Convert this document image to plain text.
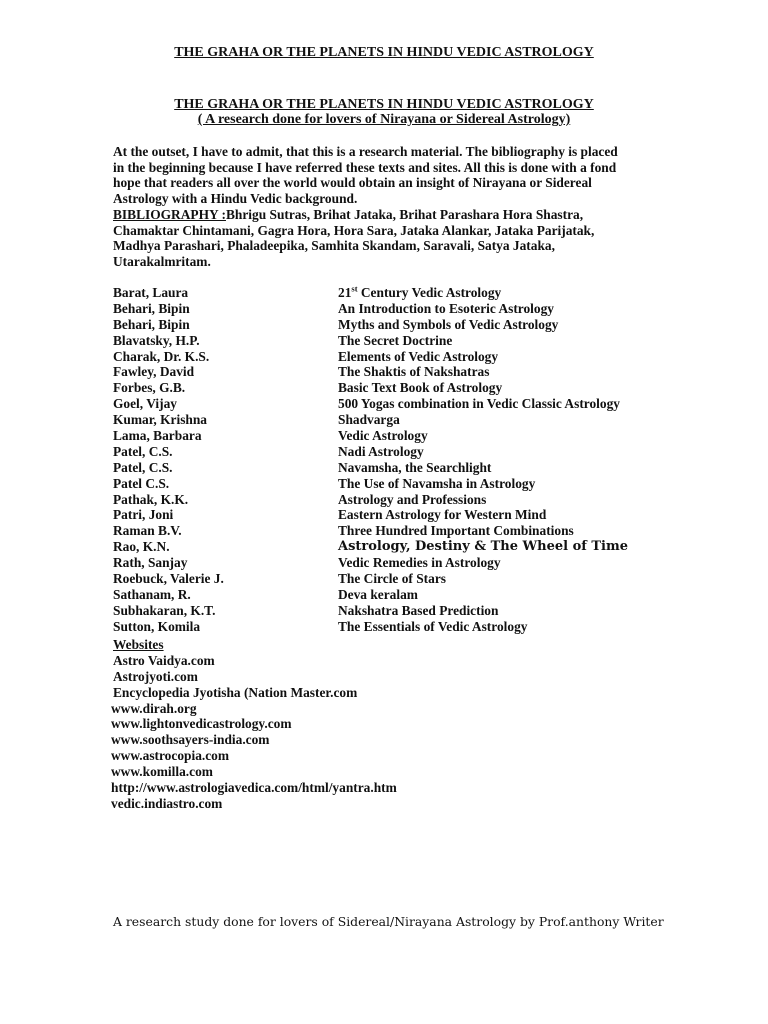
THE GRAHA OR THE PLANETS IN HINDU VEDIC ASTROLOGY
THE GRAHA OR THE PLANETS IN HINDU VEDIC ASTROLOGY
( A research done for lovers of Nirayana or Sidereal Astrology)
At the outset, I have to admit, that this is a research material. The bibliography is placed
in the beginning because I have referred these texts and sites. All this is done with a fond
hope that readers all over the world would obtain an insight of Nirayana or Sidereal
Astrology with a Hindu Vedic background.
BIBLIOGRAPHY :Bhrigu Sutras, Brihat Jataka, Brihat Parashara Hora Shastra,
Chamaktar Chintamani, Gagra Hora, Hora Sara, Jataka Alankar, Jataka Parijatak,
Madhya Parashari, Phaladeepika, Samhita Skandam, Saravali, Satya Jataka,
Utarakalmritam.
Barat, Laura	21st Century Vedic Astrology
Behari, Bipin	An Introduction to Esoteric Astrology
Behari, Bipin	Myths and Symbols of Vedic Astrology
Blavatsky, H.P.	The Secret Doctrine
Charak, Dr. K.S.	Elements of Vedic Astrology
Fawley, David	The Shaktis of Nakshatras
Forbes, G.B.	Basic Text Book of Astrology
Goel, Vijay	500 Yogas combination in Vedic Classic Astrology
Kumar, Krishna	Shadvarga
Lama, Barbara	Vedic Astrology
Patel, C.S.	Nadi Astrology
Patel, C.S.	Navamsha, the Searchlight
Patel C.S.	The Use of Navamsha in Astrology
Pathak, K.K.	Astrology and Professions
Patri, Joni	Eastern Astrology for Western Mind
Raman B.V.	Three Hundred Important Combinations
Rao, K.N.	Astrology, Destiny & The Wheel of Time
Rath, Sanjay	Vedic Remedies in Astrology
Roebuck, Valerie J.	The Circle of Stars
Sathanam, R.	Deva keralam
Subhakaran, K.T.	Nakshatra Based Prediction
Sutton, Komila	The Essentials of Vedic Astrology
Websites
Astro Vaidya.com
Astrojyoti.com
Encyclopedia Jyotisha (Nation Master.com
www.dirah.org
www.lightonvedicastrology.com
www.soothsayers-india.com
www.astrocopia.com
www.komilla.com
http://www.astrologiavedica.com/html/yantra.htm
vedic.indiastro.com
A research study done for lovers of Sidereal/Nirayana Astrology by Prof.anthony Writer
